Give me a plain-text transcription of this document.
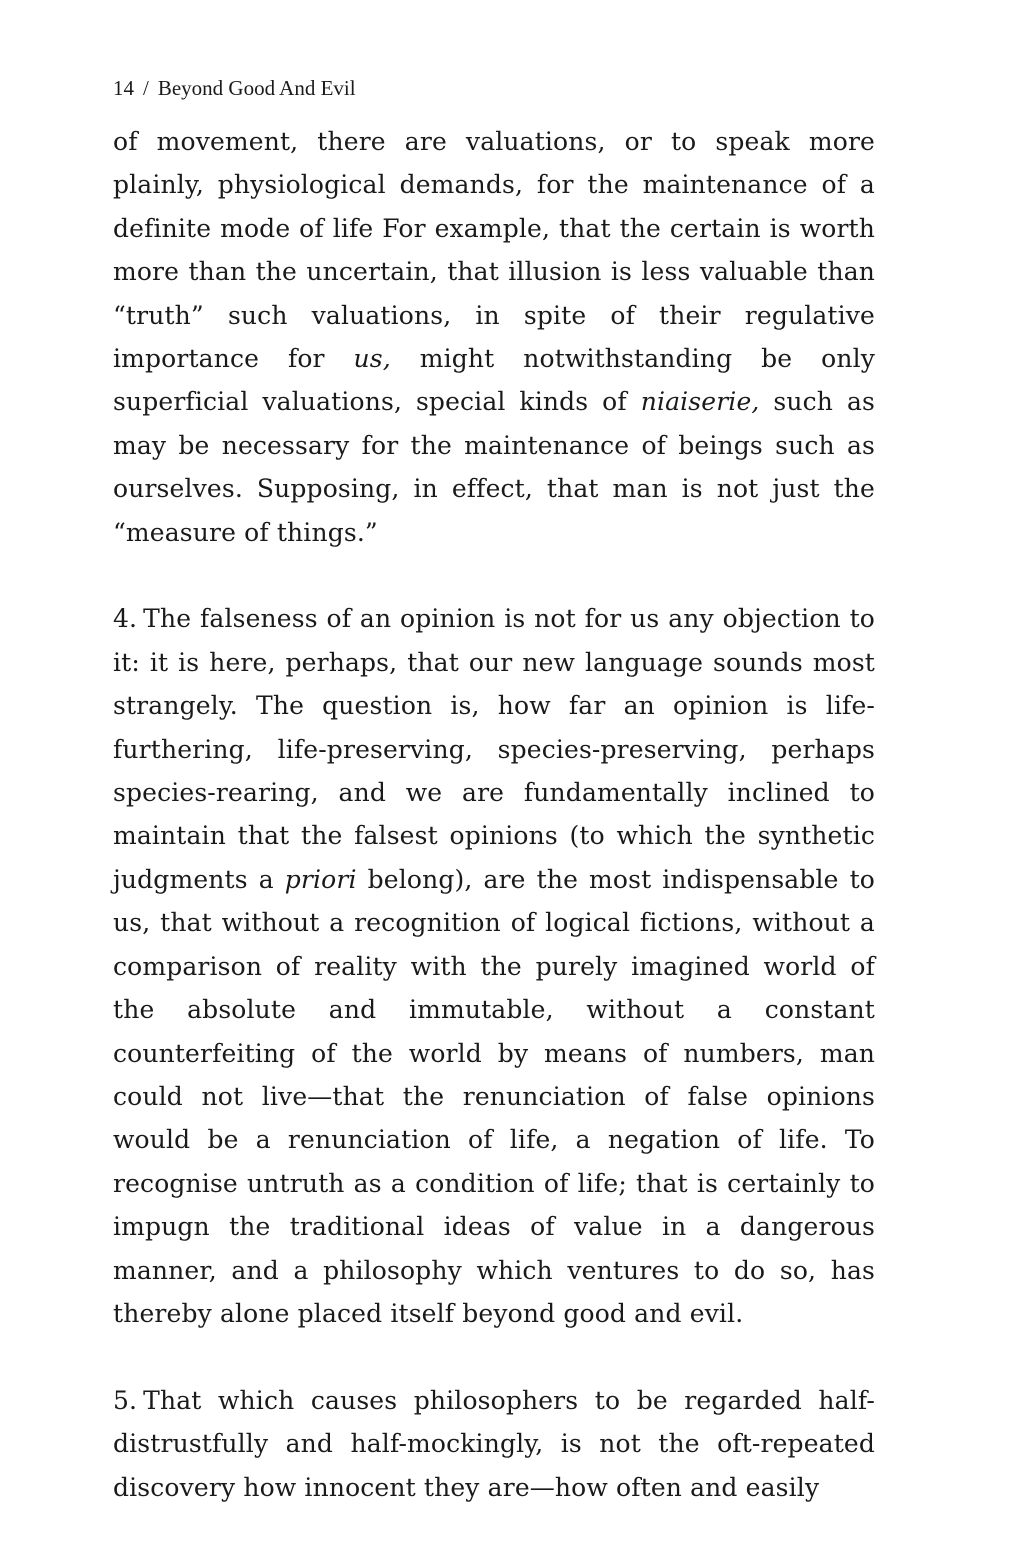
14 / Beyond Good And Evil

of movement, there are valuations, or to speak more plainly, physiological demands, for the maintenance of a definite mode of life For example, that the certain is worth more than the uncertain, that illusion is less valuable than “truth” such valuations, in spite of their regulative importance for us, might notwithstanding be only superficial valuations, special kinds of niaiserie, such as may be necessary for the maintenance of beings such as ourselves. Supposing, in effect, that man is not just the “measure of things.”

4. The falseness of an opinion is not for us any objection to it: it is here, perhaps, that our new language sounds most strangely. The question is, how far an opinion is life-furthering, life-preserving, species-preserving, perhaps species-rearing, and we are fundamentally inclined to maintain that the falsest opinions (to which the synthetic judgments a priori belong), are the most indispensable to us, that without a recognition of logical fictions, without a comparison of reality with the purely imagined world of the absolute and immutable, without a constant counterfeiting of the world by means of numbers, man could not live—that the renunciation of false opinions would be a renunciation of life, a negation of life. To recognise untruth as a condition of life; that is certainly to impugn the traditional ideas of value in a dangerous manner, and a philosophy which ventures to do so, has thereby alone placed itself beyond good and evil.

5. That which causes philosophers to be regarded half-distrustfully and half-mockingly, is not the oft-repeated discovery how innocent they are—how often and easily
